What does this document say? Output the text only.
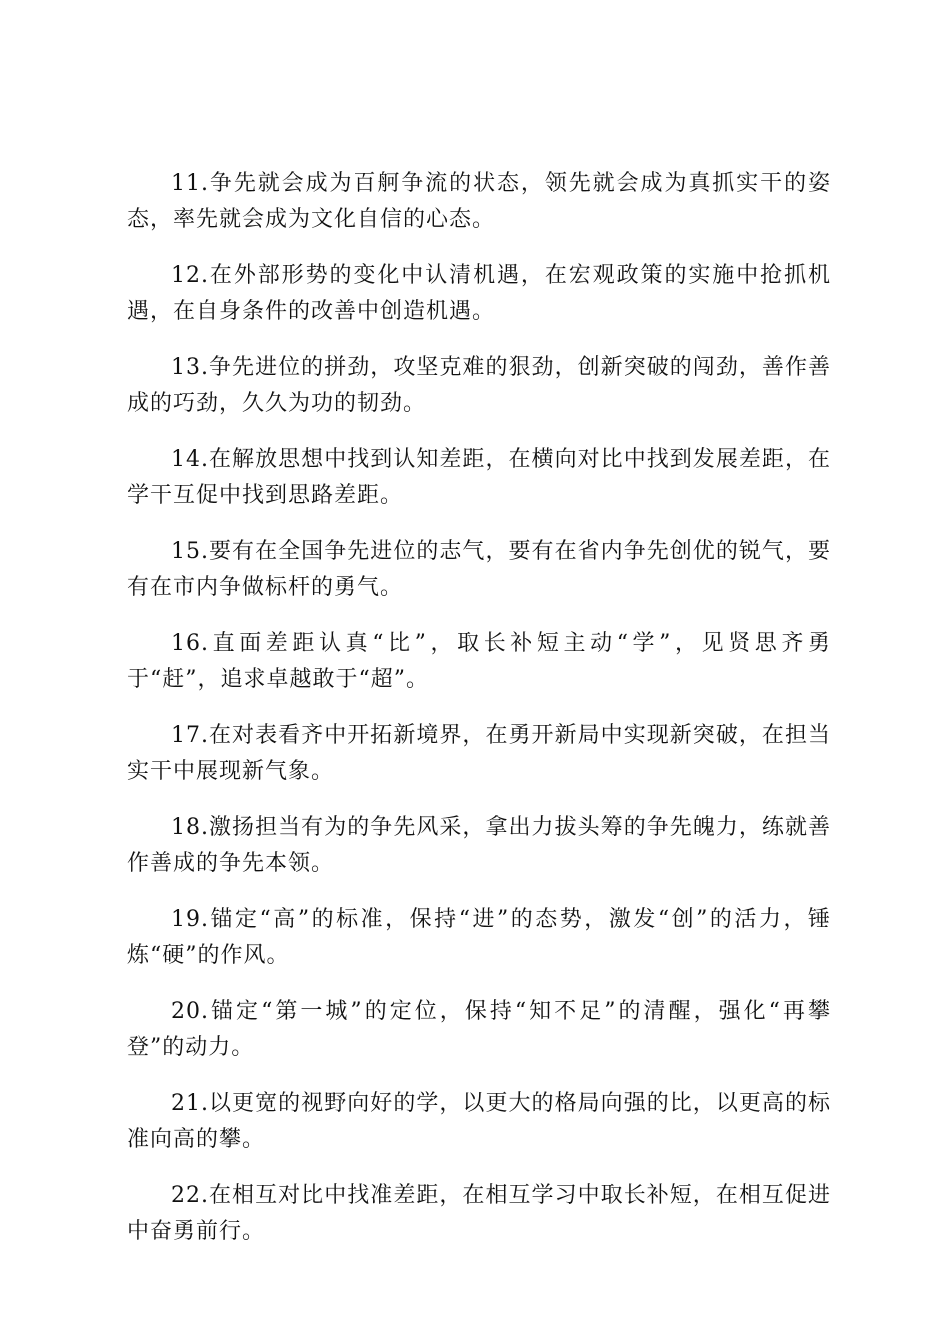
11.争先就会成为百舸争流的状态，领先就会成为真抓实干的姿态，率先就会成为文化自信的心态。

12.在外部形势的变化中认清机遇，在宏观政策的实施中抢抓机遇，在自身条件的改善中创造机遇。

13.争先进位的拼劲，攻坚克难的狠劲，创新突破的闯劲，善作善成的巧劲，久久为功的韧劲。

14.在解放思想中找到认知差距，在横向对比中找到发展差距，在学干互促中找到思路差距。

15.要有在全国争先进位的志气，要有在省内争先创优的锐气，要有在市内争做标杆的勇气。

16.直面差距认真“比”，取长补短主动“学”，见贤思齐勇于“赶”，追求卓越敢于“超”。

17.在对表看齐中开拓新境界，在勇开新局中实现新突破，在担当实干中展现新气象。

18.激扬担当有为的争先风采，拿出力拔头筹的争先魄力，练就善作善成的争先本领。

19.锚定“高”的标准，保持“进”的态势，激发“创”的活力，锤炼“硬”的作风。

20.锚定“第一城”的定位，保持“知不足”的清醒，强化“再攀登”的动力。

21.以更宽的视野向好的学，以更大的格局向强的比，以更高的标准向高的攀。

22.在相互对比中找准差距，在相互学习中取长补短，在相互促进中奋勇前行。
